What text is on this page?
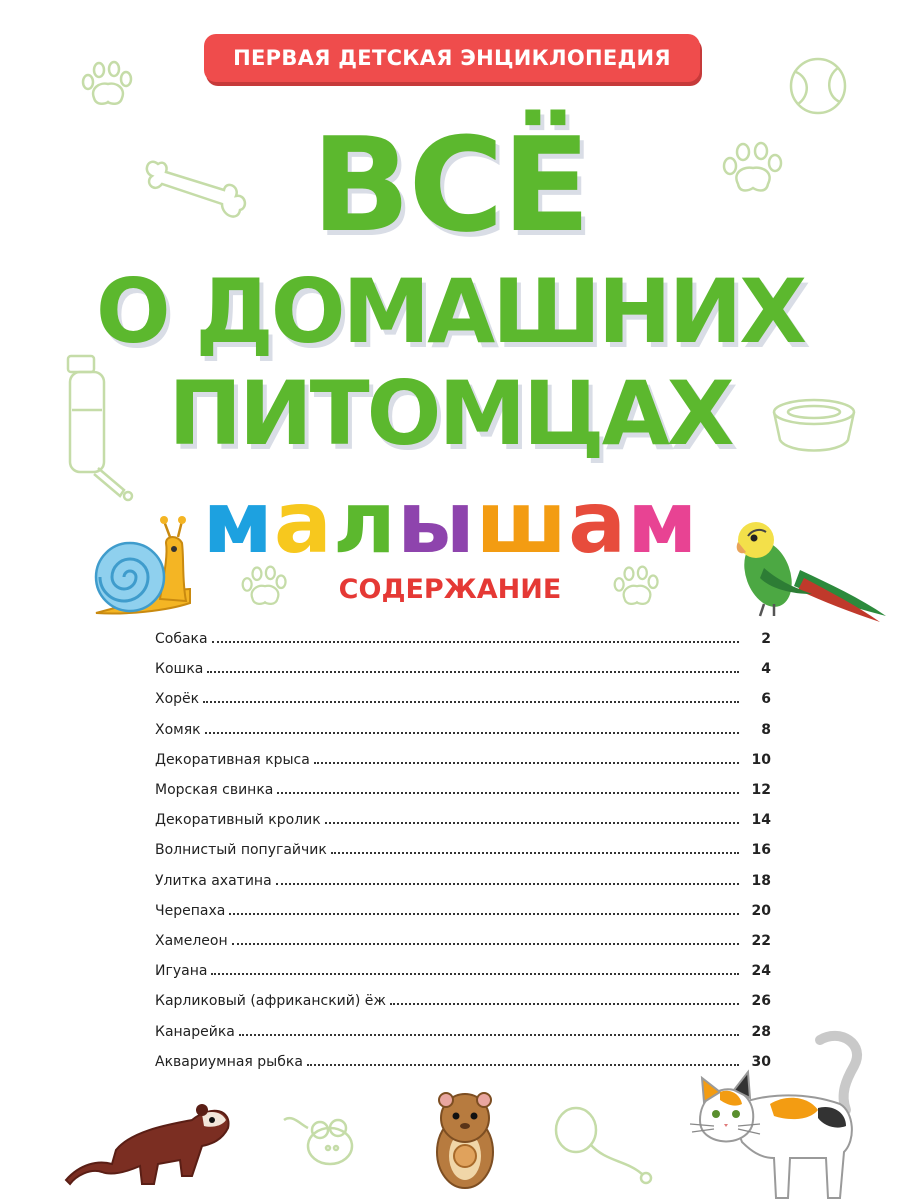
ПЕРВАЯ ДЕТСКАЯ ЭНЦИКЛОПЕДИЯ
ВСЁ
О ДОМАШНИХ
ПИТОМЦАХ
м а л ы ш а м
СОДЕРЖАНИЕ
Собака	2
Кошка	4
Хорёк	6
Хомяк	8
Декоративная крыса	10
Морская свинка	12
Декоративный кролик	14
Волнистый попугайчик	16
Улитка ахатина	18
Черепаха	20
Хамелеон	22
Игуана	24
Карликовый (африканский) ёж	26
Канарейка	28
Аквариумная рыбка	30
